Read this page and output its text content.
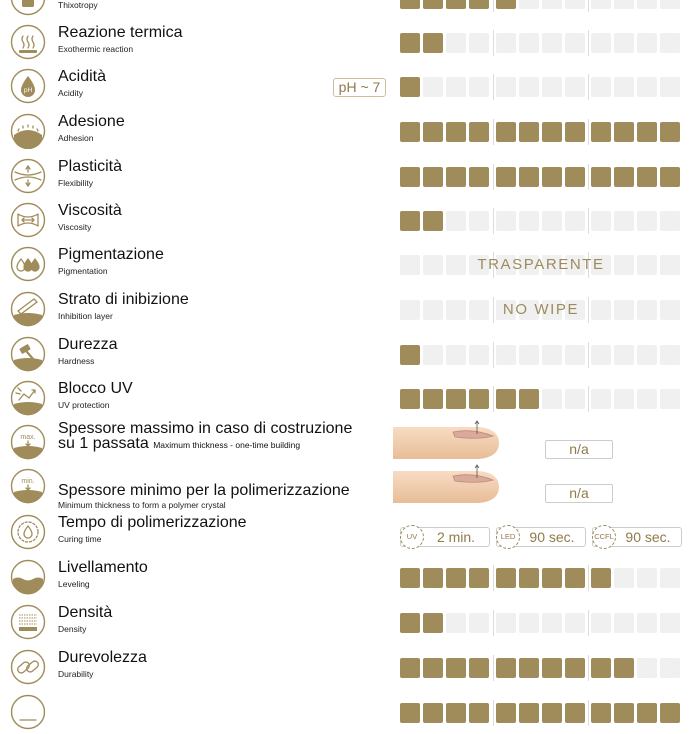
Thixotropy
Reazione termica
Exothermic reaction
pH
Acidità
Acidity	pH ~ 7
Adesione
Adhesion
Plasticità
Flexibility
Viscosità
Viscosity
Pigmentazione
Pigmentation	TRASPARENTE
Strato di inibizione
Inhibition layer	NO WIPE
Durezza
Hardness
Blocco UV
UV protection
max.
Spessore massimo in caso di costruzione su 1 passata Maximum thickness - one-time building	n/a
min.
Spessore minimo per la polimerizzazione
Minimum thickness to form a polymer crystal
n/a
Tempo di polimerizzazione
Curing time	UV	2 min.	LED	90 sec.	CCFL 90 sec.
Livellamento
Leveling
Densità
Density
Durevolezza
Durability
